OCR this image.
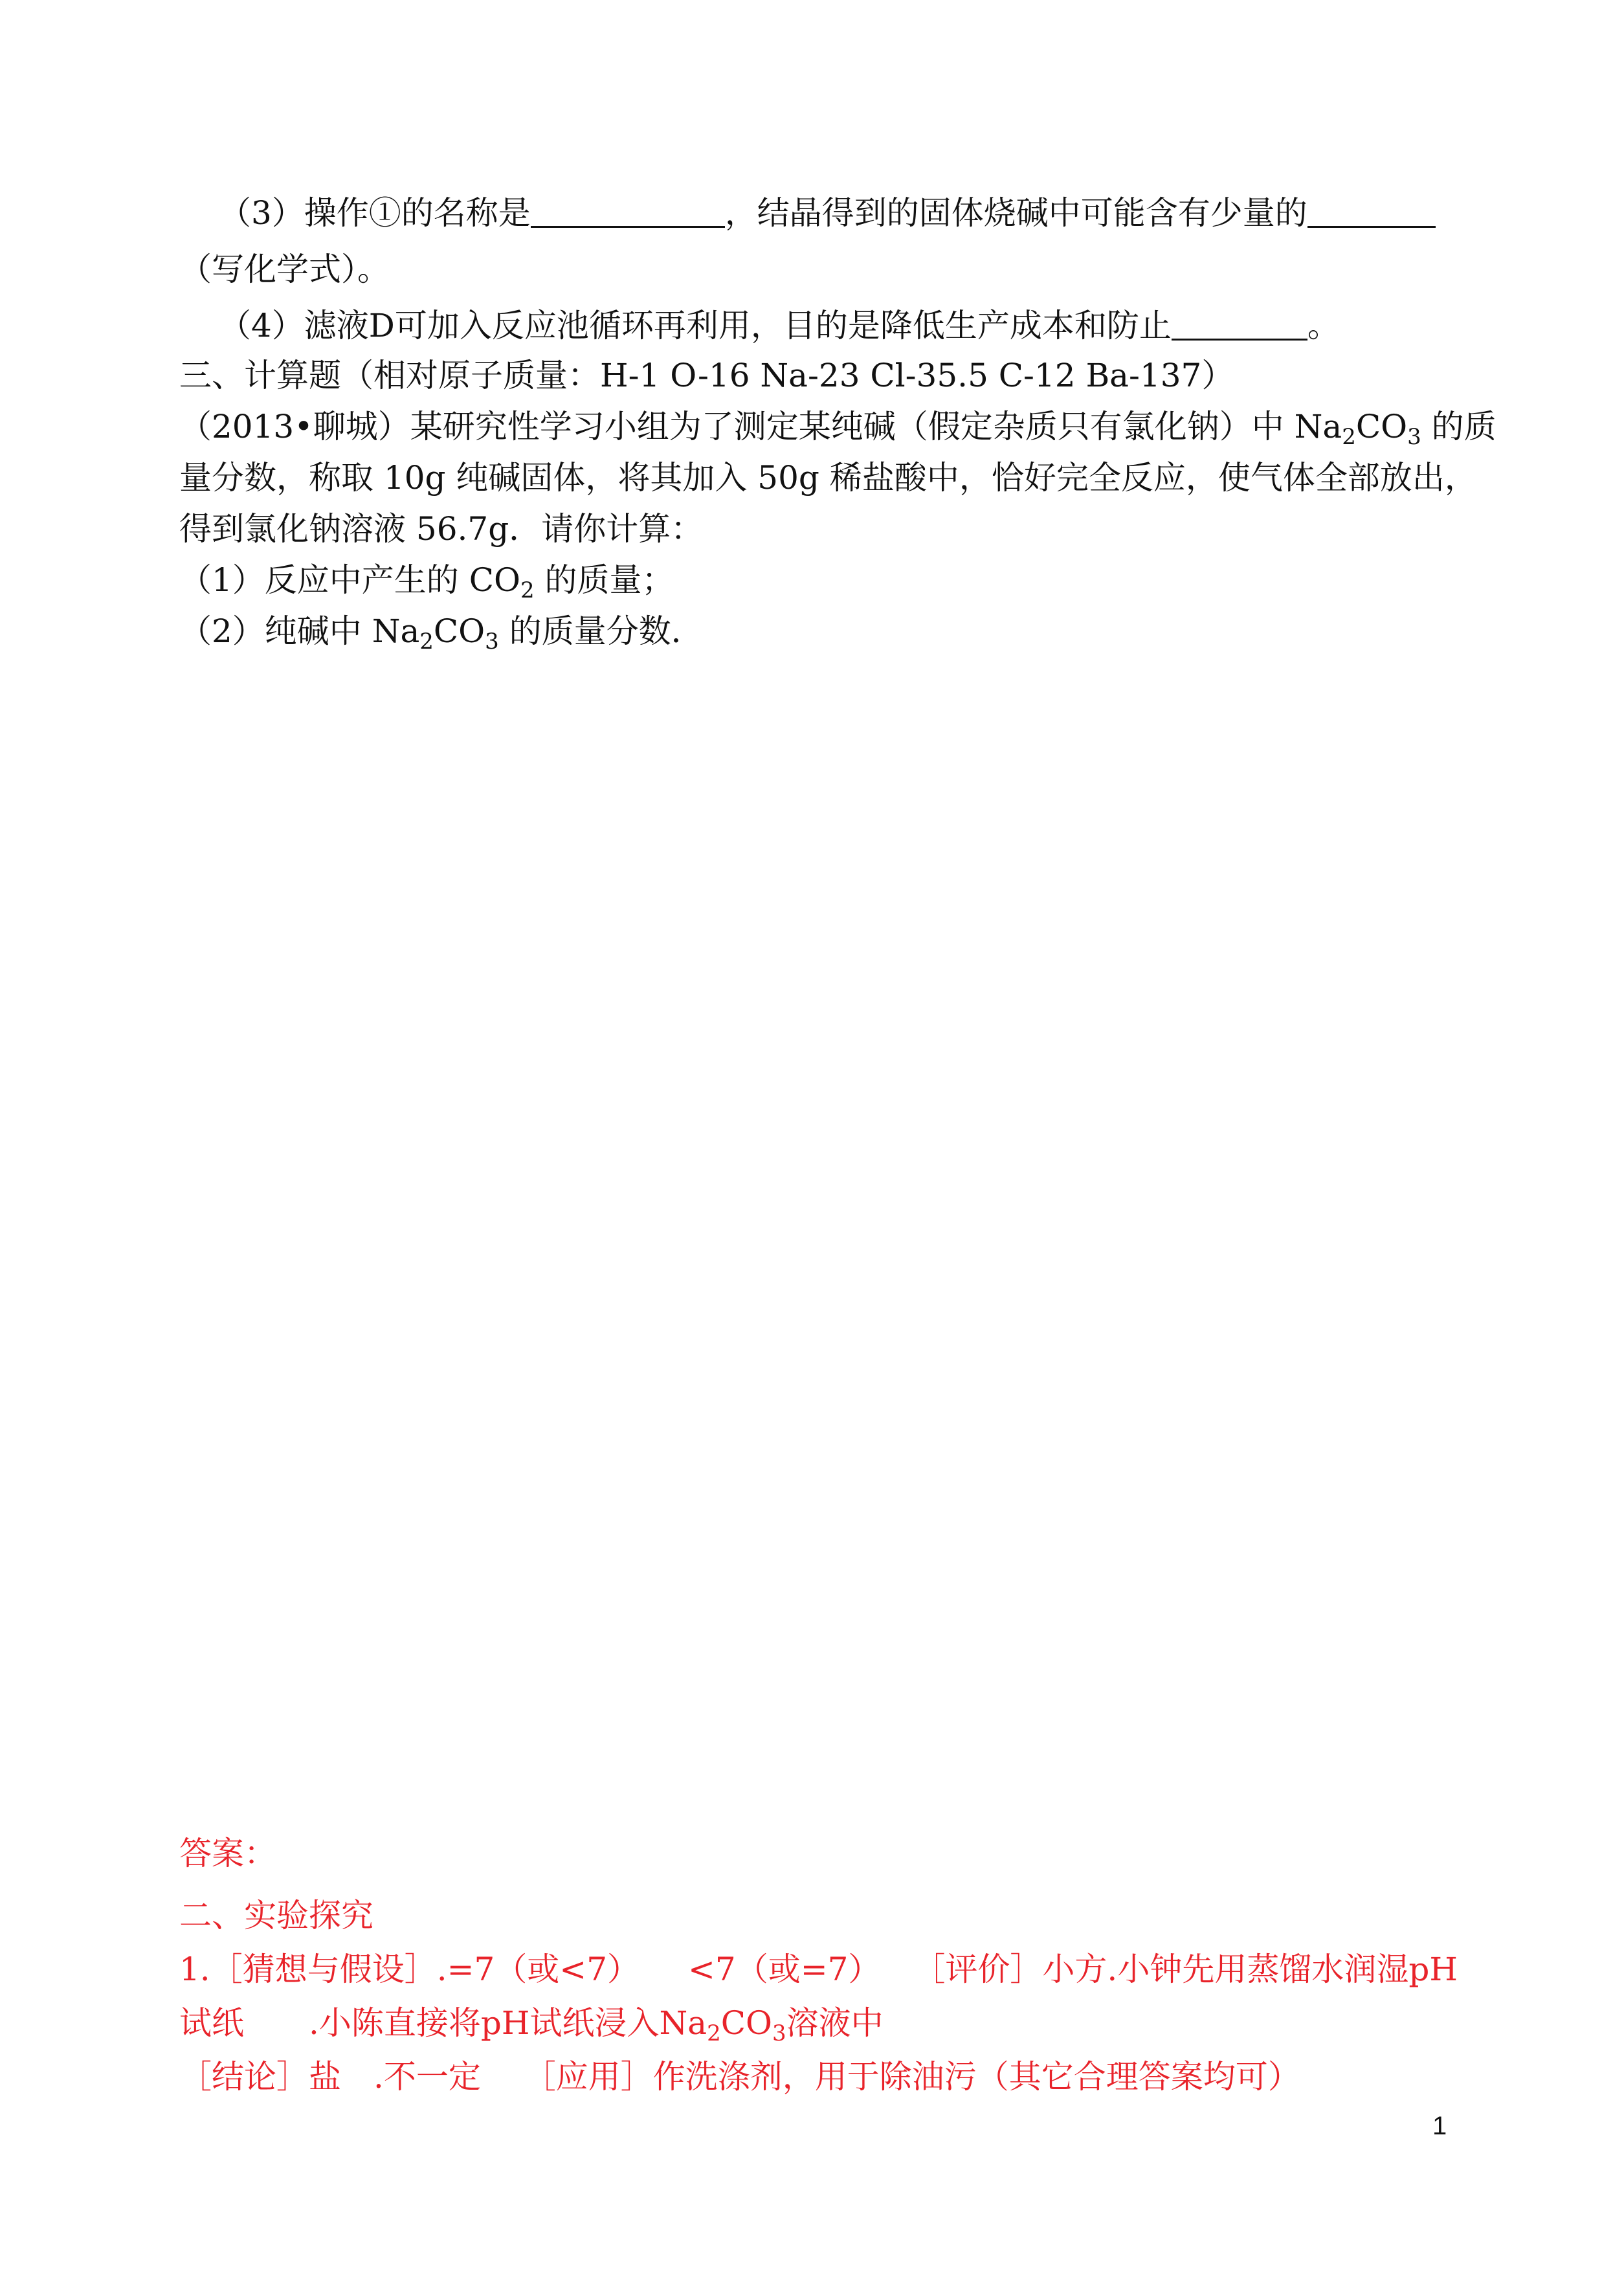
（3）操作①的名称是	，结晶得到的固体烧碱中可能含有少量的
（写化学式）。
（4）滤液D可加入反应池循环再利用，目的是降低生产成本和防止	。
三、计算题（相对原子质量：H-1 O-16 Na-23 Cl-35.5 C-12 Ba-137）
（2013•聊城）某研究性学习小组为了测定某纯碱（假定杂质只有氯化钠）中 $Na_2CO_3$ 的质
量分数，称取 10g 纯碱固体，将其加入 50g 稀盐酸中，恰好完全反应，使气体全部放出，
得到氯化钠溶液 56.7g．请你计算：
（1）反应中产生的 $CO_2$ 的质量；
（2）纯碱中 $Na_2CO_3$ 的质量分数．
答案：
二、实验探究
1.［猜想与假设］.=7（或<7）　　<7（或=7）　　［评价］小方.小钟先用蒸馏水润湿pH
试纸　　.小陈直接将pH试纸浸入$Na_2CO_3$溶液中
［结论］盐　.不一定　 ［应用］作洗涤剂，用于除油污（其它合理答案均可）
1
